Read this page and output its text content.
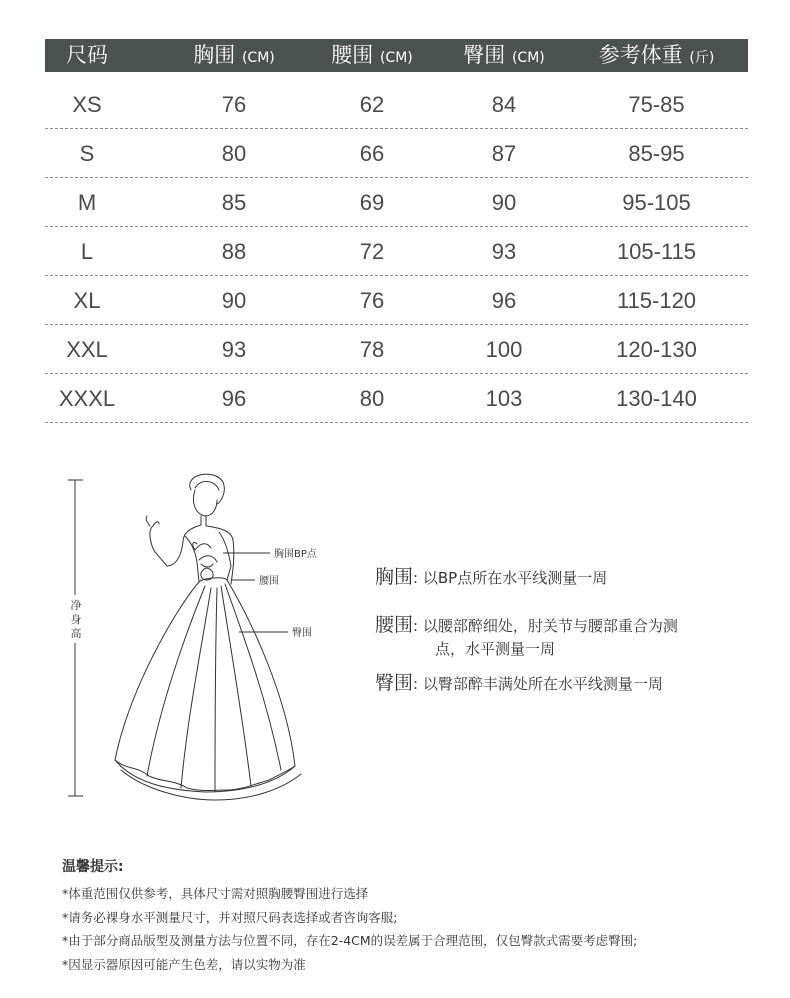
尺码	胸围 (CM)	腰围 (CM)	臀围 (CM)	参考体重 (斤)
XS	76	62	84	75-85
S	80	66	87	85-95
M	85	69	90	95-105
L	88	72	93	105-115
XL	90	76	96	115-120
XXL	93	78	100	120-130
XXXL	96	80	103	130-140
净
身
高
胸围BP点
腰围
臀围
胸围: 以BP点所在水平线测量一周
腰围: 以腰部醉细处，肘关节与腰部重合为测
点，水平测量一周
臀围: 以臀部醉丰满处所在水平线测量一周
温馨提示:
*体重范围仅供参考，具体尺寸需对照胸腰臀围进行选择
*请务必裸身水平测量尺寸，并对照尺码表选择或者咨询客服;
*由于部分商品版型及测量方法与位置不同，存在2-4CM的误差属于合理范围，仅包臀款式需要考虑臀围;
*因显示器原因可能产生色差，请以实物为准
